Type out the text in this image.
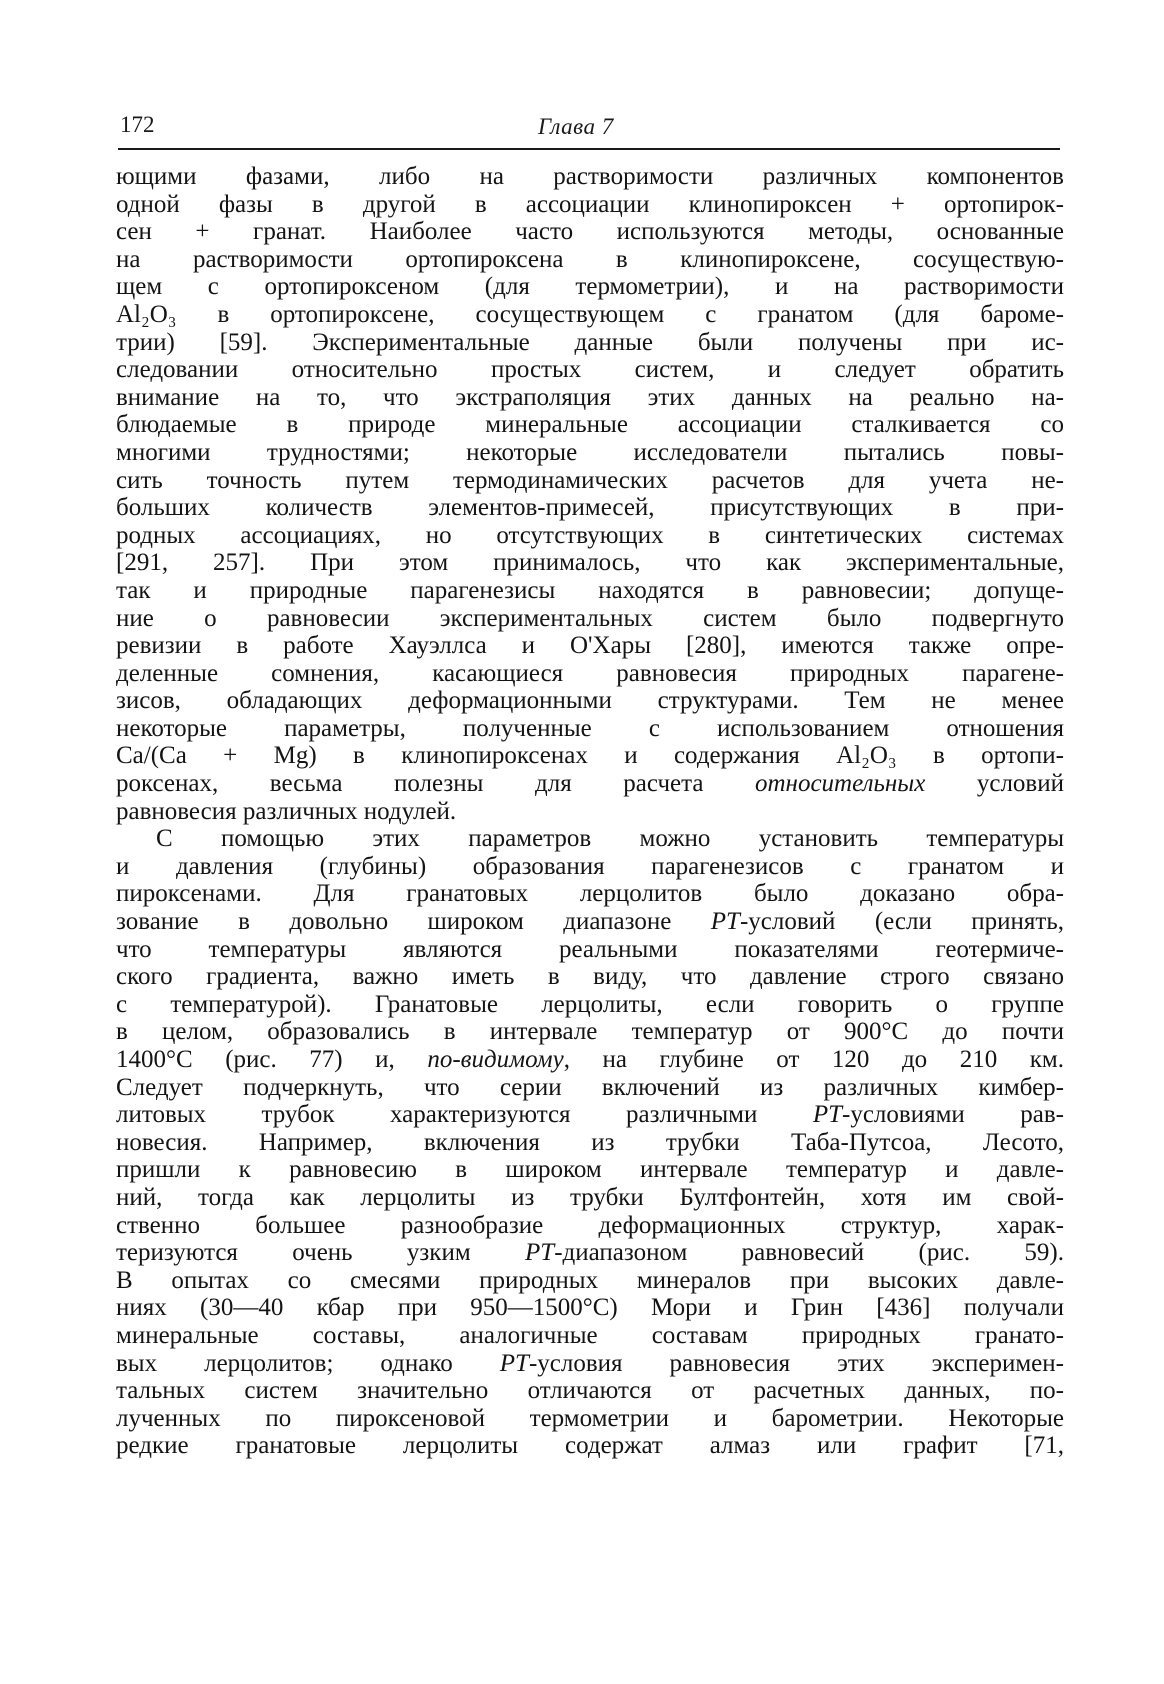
172	Глава 7
ющими фазами, либо на растворимости различных компонентов
одной фазы в другой в ассоциации клинопироксен + ортопирок-
сен + гранат. Наиболее часто используются методы, основанные
на растворимости ортопироксена в клинопироксене, сосуществую-
щем с ортопироксеном (для термометрии), и на растворимости
Al₂O₃ в ортопироксене, сосуществующем с гранатом (для бароме-
трии) [59]. Экспериментальные данные были получены при ис-
следовании относительно простых систем, и следует обратить
внимание на то, что экстраполяция этих данных на реально на-
блюдаемые в природе минеральные ассоциации сталкивается со
многими трудностями; некоторые исследователи пытались повы-
сить точность путем термодинамических расчетов для учета не-
больших количеств элементов-примесей, присутствующих в при-
родных ассоциациях, но отсутствующих в синтетических системах
[291, 257]. При этом принималось, что как экспериментальные,
так и природные парагенезисы находятся в равновесии; допуще-
ние о равновесии экспериментальных систем было подвергнуто
ревизии в работе Хауэллса и О'Хары [280], имеются также опре-
деленные сомнения, касающиеся равновесия природных парагене-
зисов, обладающих деформационными структурами. Тем не менее
некоторые параметры, полученные с использованием отношения
Ca/(Ca + Mg) в клинопироксенах и содержания Al₂O₃ в ортопи-
роксенах, весьма полезны для расчета относительных условий
равновесия различных нодулей.
С помощью этих параметров можно установить температуры
и давления (глубины) образования парагенезисов с гранатом и
пироксенами. Для гранатовых лерцолитов было доказано обра-
зование в довольно широком диапазоне PT-условий (если принять,
что температуры являются реальными показателями геотермиче-
ского градиента, важно иметь в виду, что давление строго связано
с температурой). Гранатовые лерцолиты, если говорить о группе
в целом, образовались в интервале температур от 900°C до почти
1400°C (рис. 77) и, по-видимому, на глубине от 120 до 210 км.
Следует подчеркнуть, что серии включений из различных кимбер-
литовых трубок характеризуются различными PT-условиями рав-
новесия. Например, включения из трубки Таба-Путсоа, Лесото,
пришли к равновесию в широком интервале температур и давле-
ний, тогда как лерцолиты из трубки Бултфонтейн, хотя им свой-
ственно большее разнообразие деформационных структур, харак-
теризуются очень узким PT-диапазоном равновесий (рис. 59).
В опытах со смесями природных минералов при высоких давле-
ниях (30—40 кбар при 950—1500°C) Мори и Грин [436] получали
минеральные составы, аналогичные составам природных гранато-
вых лерцолитов; однако PT-условия равновесия этих эксперимен-
тальных систем значительно отличаются от расчетных данных, по-
лученных по пироксеновой термометрии и барометрии. Некоторые
редкие гранатовые лерцолиты содержат алмаз или графит [71,
